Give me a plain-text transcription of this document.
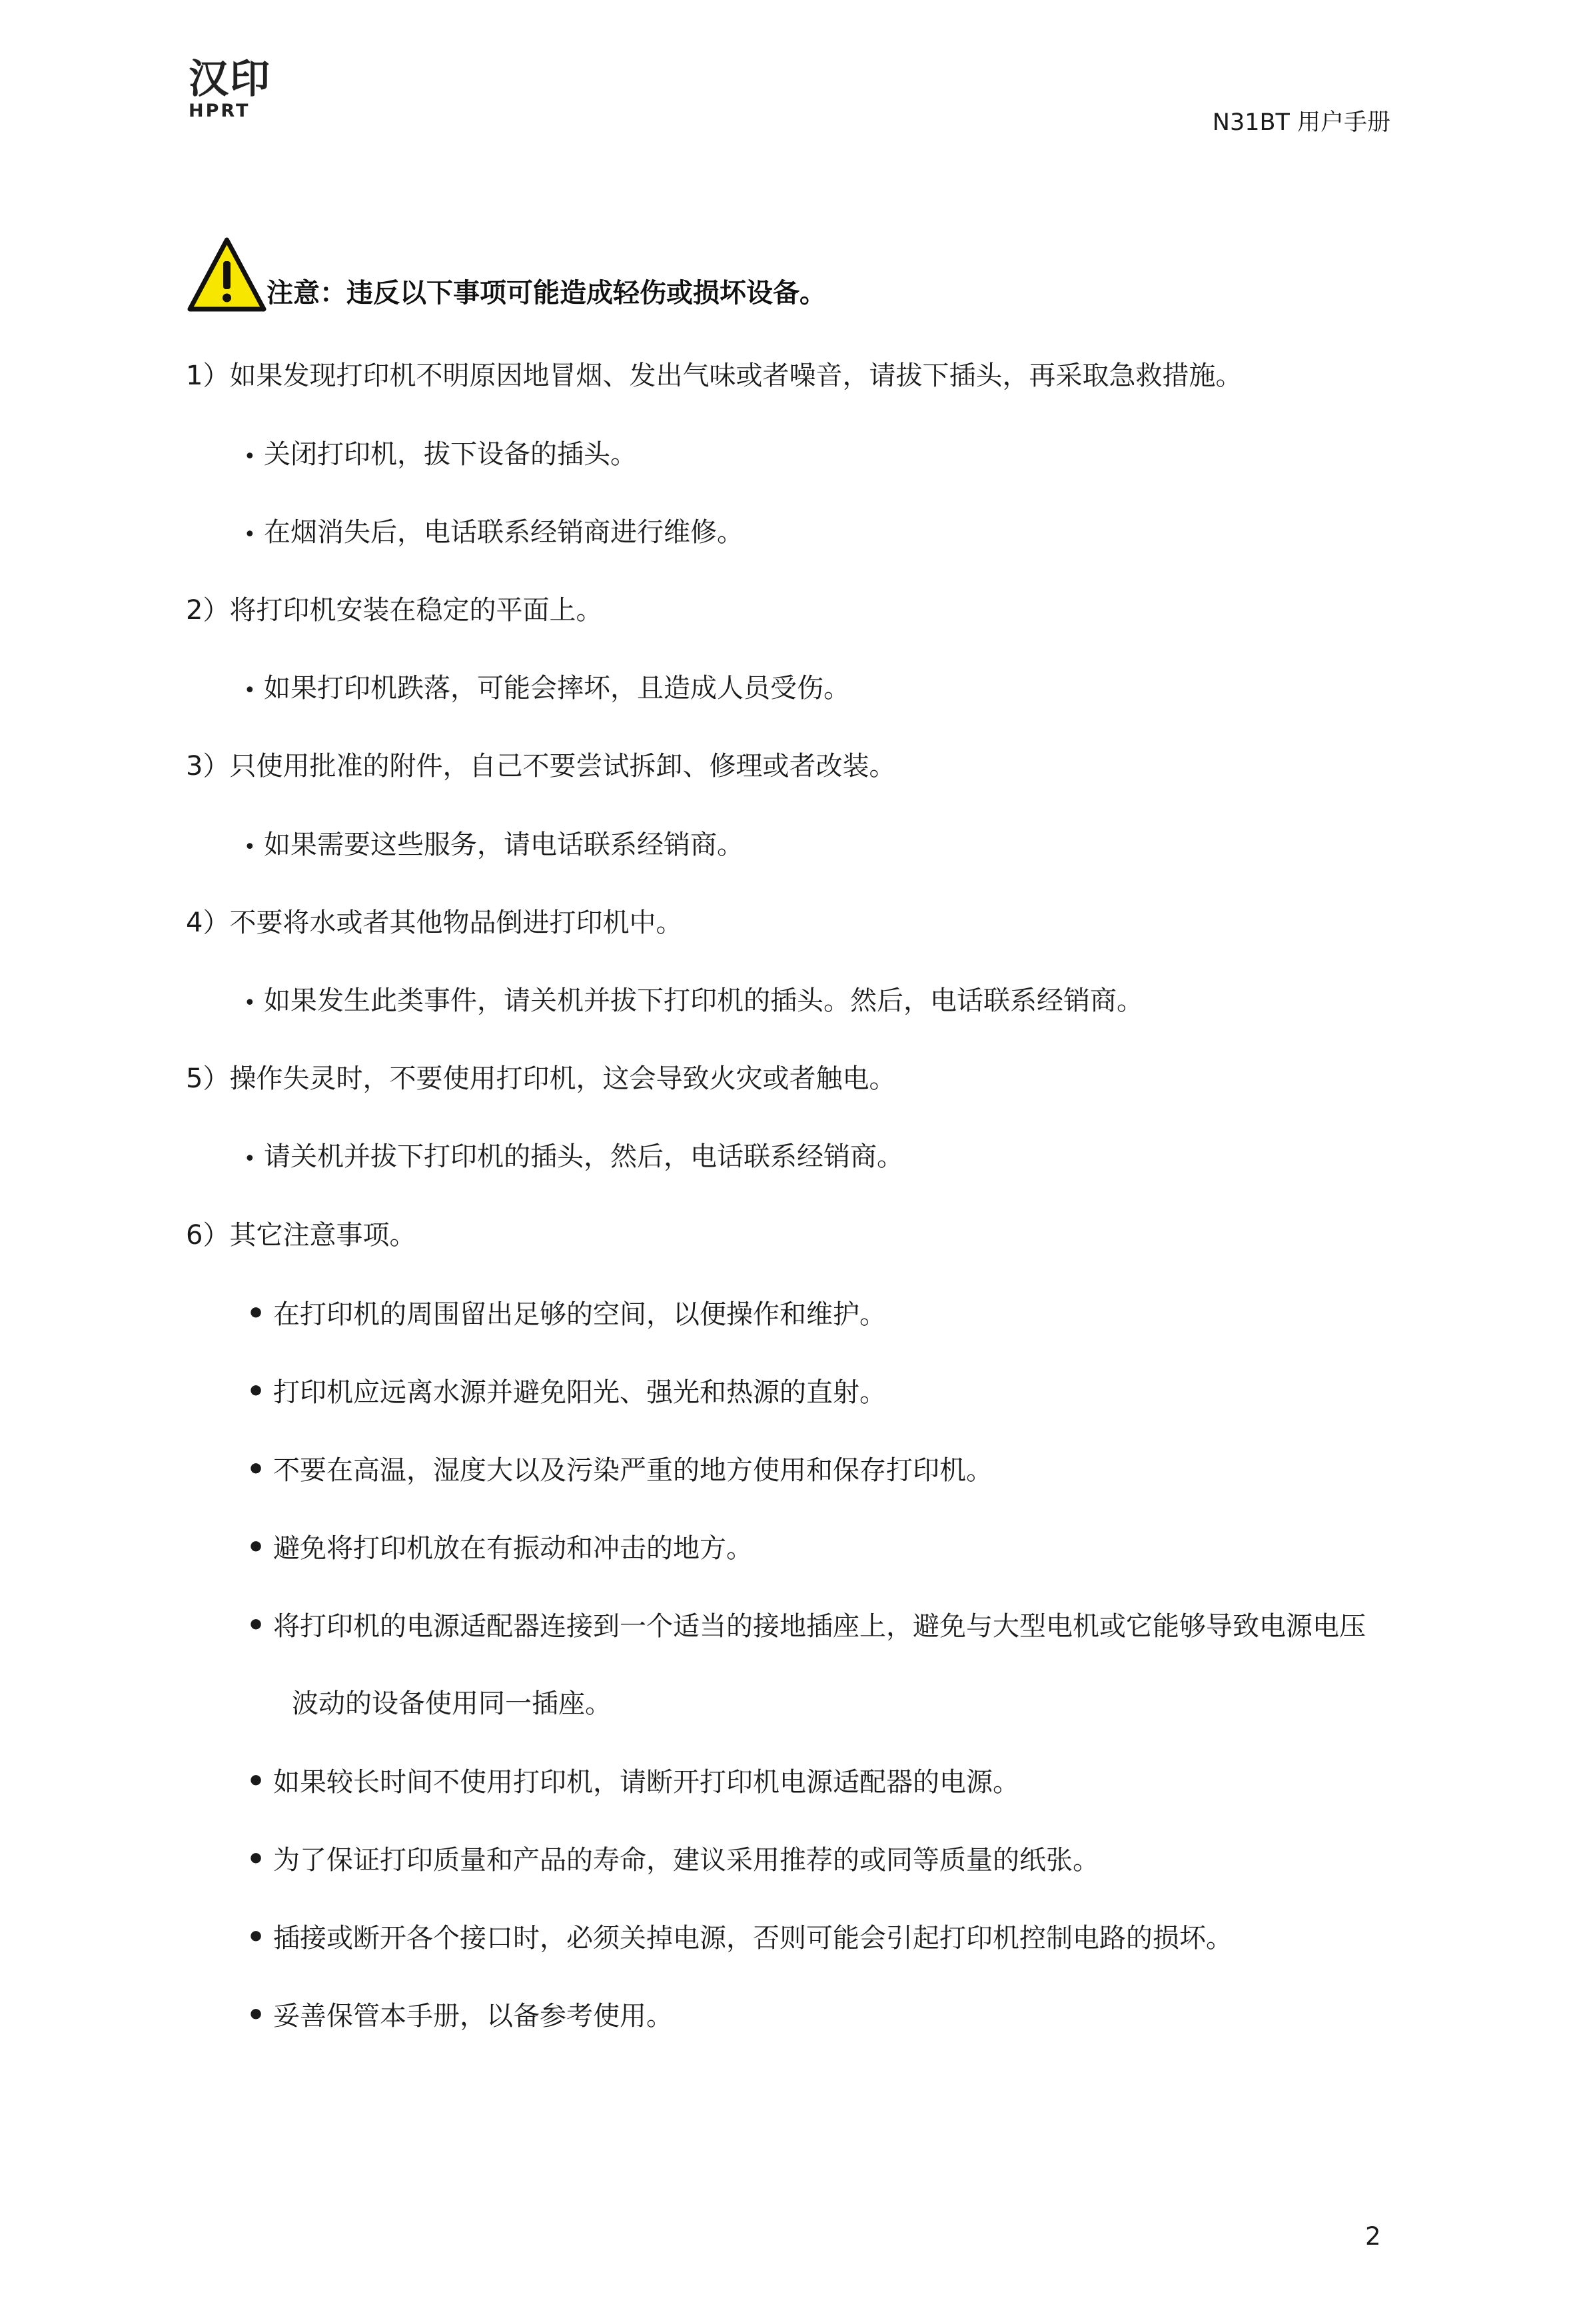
汉印
HPRT	N31BT 用户手册
注意：违反以下事项可能造成轻伤或损坏设备。
1）如果发现打印机不明原因地冒烟、发出气味或者噪音，请拔下插头，再采取急救措施。
• 关闭打印机，拔下设备的插头。
• 在烟消失后，电话联系经销商进行维修。
2）将打印机安装在稳定的平面上。
• 如果打印机跌落，可能会摔坏，且造成人员受伤。
3）只使用批准的附件，自己不要尝试拆卸、修理或者改装。
• 如果需要这些服务，请电话联系经销商。
4）不要将水或者其他物品倒进打印机中。
• 如果发生此类事件，请关机并拔下打印机的插头。然后，电话联系经销商。
5）操作失灵时，不要使用打印机，这会导致火灾或者触电。
• 请关机并拔下打印机的插头，然后，电话联系经销商。
6）其它注意事项。
• 在打印机的周围留出足够的空间，以便操作和维护。
• 打印机应远离水源并避免阳光、强光和热源的直射。
• 不要在高温，湿度大以及污染严重的地方使用和保存打印机。
• 避免将打印机放在有振动和冲击的地方。
• 将打印机的电源适配器连接到一个适当的接地插座上，避免与大型电机或它能够导致电源电压
波动的设备使用同一插座。
• 如果较长时间不使用打印机，请断开打印机电源适配器的电源。
• 为了保证打印质量和产品的寿命，建议采用推荐的或同等质量的纸张。
• 插接或断开各个接口时，必须关掉电源，否则可能会引起打印机控制电路的损坏。
• 妥善保管本手册，以备参考使用。
2
